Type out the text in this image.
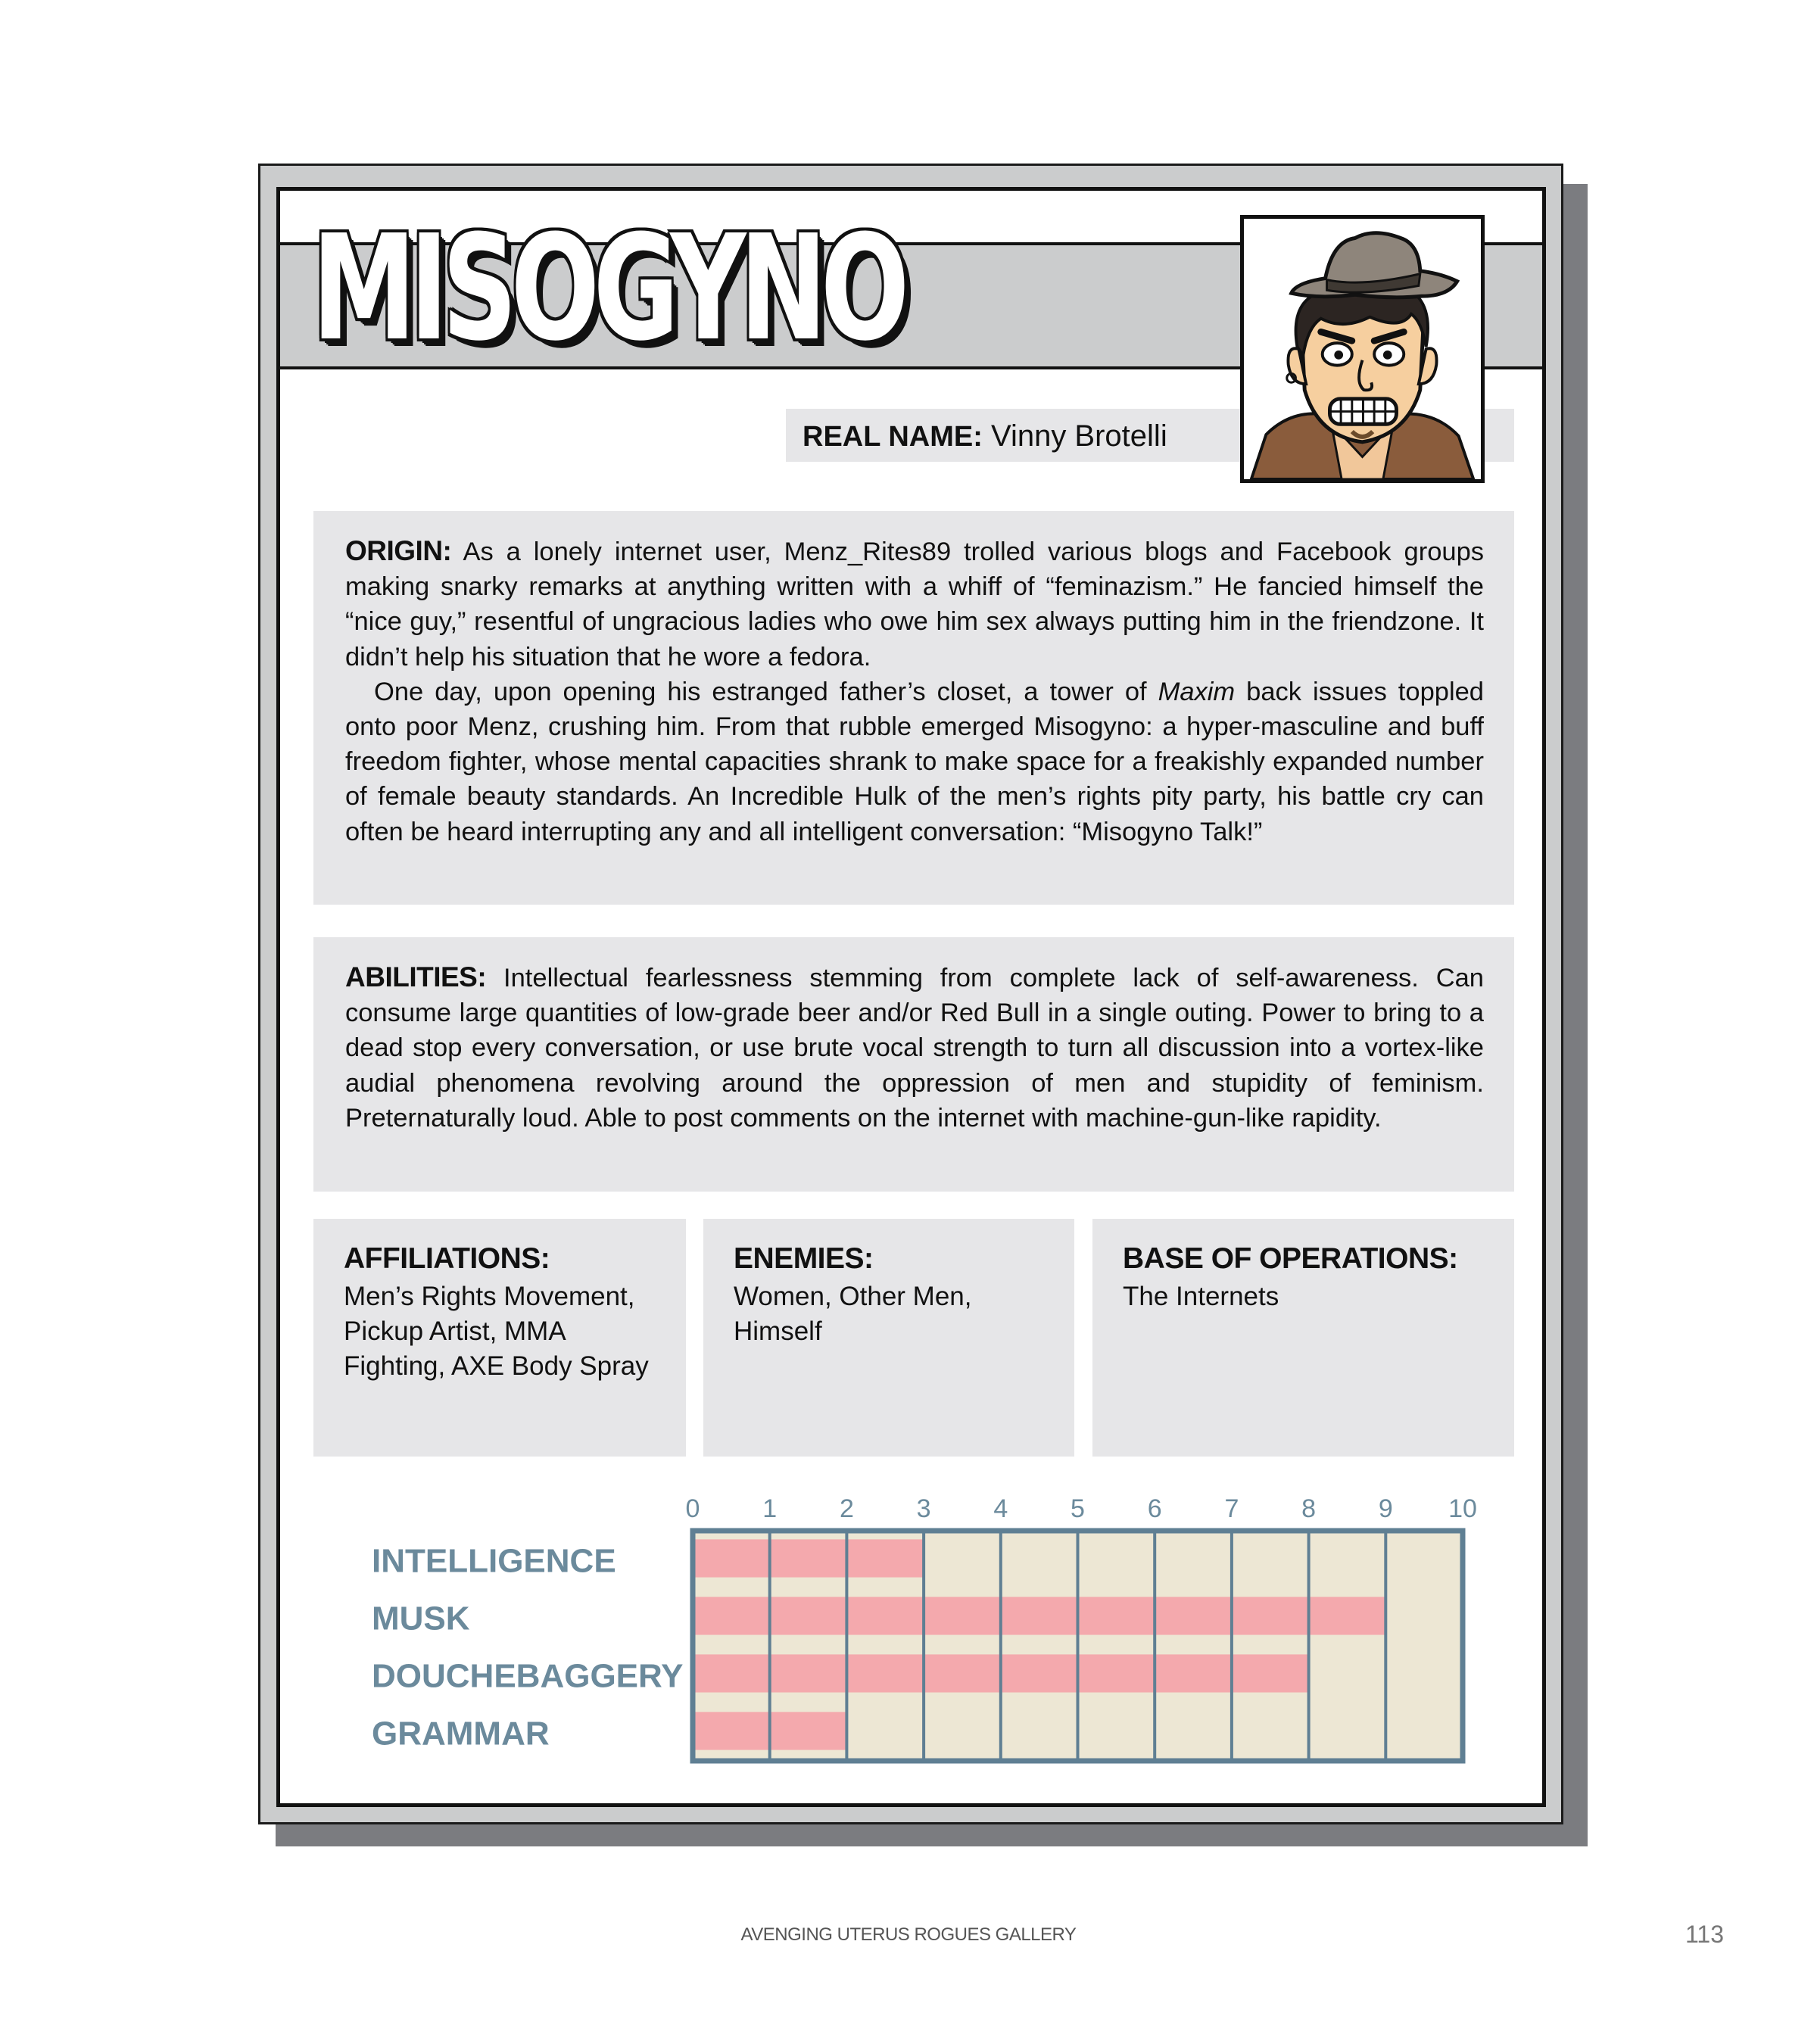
MISOGYNO
REAL NAME: Vinny Brotelli

ORIGIN: As a lonely internet user, Menz_Rites89 trolled various blogs and Facebook groups making snarky remarks at anything written with a whiff of “feminazism.” He fancied himself the “nice guy,” resentful of ungracious ladies who owe him sex always putting him in the friendzone. It didn’t help his situation that he wore a fedora.

One day, upon opening his estranged father’s closet, a tower of Maxim back issues toppled onto poor Menz, crushing him. From that rubble emerged Misogyno: a hyper-masculine and buff freedom fighter, whose mental capacities shrank to make space for a freakishly expanded number of female beauty standards. An Incredible Hulk of the men’s rights pity party, his battle cry can often be heard interrupting any and all intelligent conversation: “Misogyno Talk!”

ABILITIES: Intellectual fearlessness stemming from complete lack of self-awareness. Can consume large quantities of low-grade beer and/or Red Bull in a single outing. Power to bring to a dead stop every conversation, or use brute vocal strength to turn all discussion into a vortex-like audial phenomena revolving around the oppression of men and stupidity of feminism. Preternaturally loud. Able to post comments on the internet with machine-gun-like rapidity.

AFFILIATIONS:
Men’s Rights Movement, Pickup Artist, MMA Fighting, AXE Body Spray
ENEMIES:
Women, Other Men, Himself
BASE OF OPERATIONS:
The Internets
0 1 2 3 4 5 6 7 8 9 10
INTELLIGENCE
MUSK
DOUCHEBAGGERY
GRAMMAR
AVENGING UTERUS ROGUES GALLERY	113
